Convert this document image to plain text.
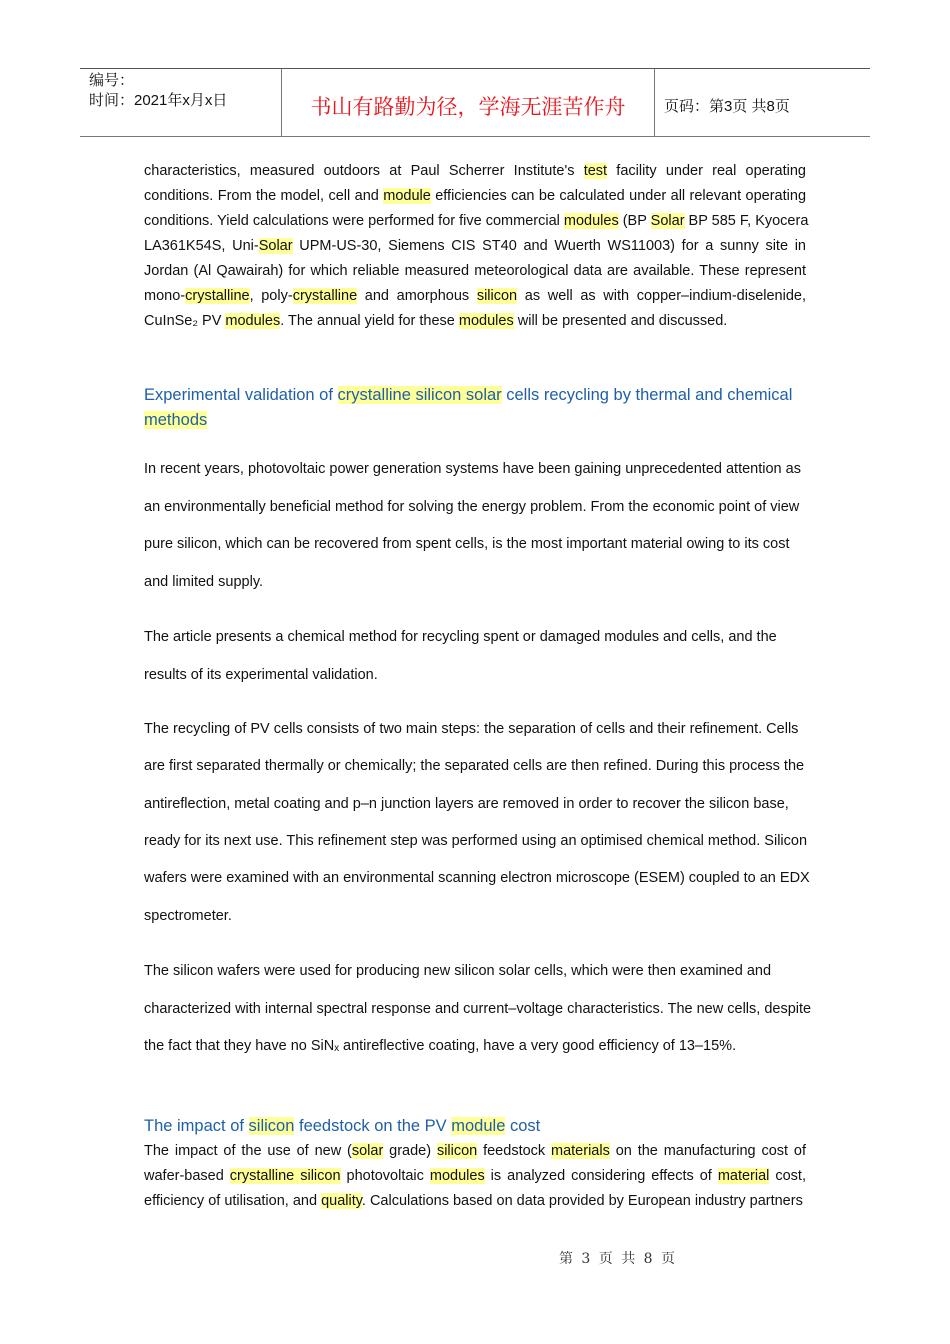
编号：
时间：2021年x月x日	书山有路勤为径，学海无涯苦作舟	页码：第3页 共8页
characteristics, measured outdoors at Paul Scherrer Institute's test facility under real operating
conditions. From the model, cell and module efficiencies can be calculated under all relevant operating
conditions. Yield calculations were performed for five commercial modules (BP Solar BP 585 F, Kyocera
LA361K54S, Uni-Solar UPM-US-30, Siemens CIS ST40 and Wuerth WS11003) for a sunny site in
Jordan (Al Qawairah) for which reliable measured meteorological data are available. These represent
mono-crystalline, poly-crystalline and amorphous silicon as well as with copper–indium-diselenide,
CuInSe₂ PV modules. The annual yield for these modules will be presented and discussed.
Experimental validation of crystalline silicon solar cells recycling by thermal and chemical
methods
In recent years, photovoltaic power generation systems have been gaining unprecedented attention as
an environmentally beneficial method for solving the energy problem. From the economic point of view
pure silicon, which can be recovered from spent cells, is the most important material owing to its cost
and limited supply.
The article presents a chemical method for recycling spent or damaged modules and cells, and the
results of its experimental validation.
The recycling of PV cells consists of two main steps: the separation of cells and their refinement. Cells
are first separated thermally or chemically; the separated cells are then refined. During this process the
antireflection, metal coating and p–n junction layers are removed in order to recover the silicon base,
ready for its next use. This refinement step was performed using an optimised chemical method. Silicon
wafers were examined with an environmental scanning electron microscope (ESEM) coupled to an EDX
spectrometer.
The silicon wafers were used for producing new silicon solar cells, which were then examined and
characterized with internal spectral response and current–voltage characteristics. The new cells, despite
the fact that they have no SiNₓ antireflective coating, have a very good efficiency of 13–15%.
The impact of silicon feedstock on the PV module cost
The impact of the use of new (solar grade) silicon feedstock materials on the manufacturing cost of
wafer-based crystalline silicon photovoltaic modules is analyzed considering effects of material cost,
efficiency of utilisation, and quality. Calculations based on data provided by European industry partners
第 3 页 共 8 页
